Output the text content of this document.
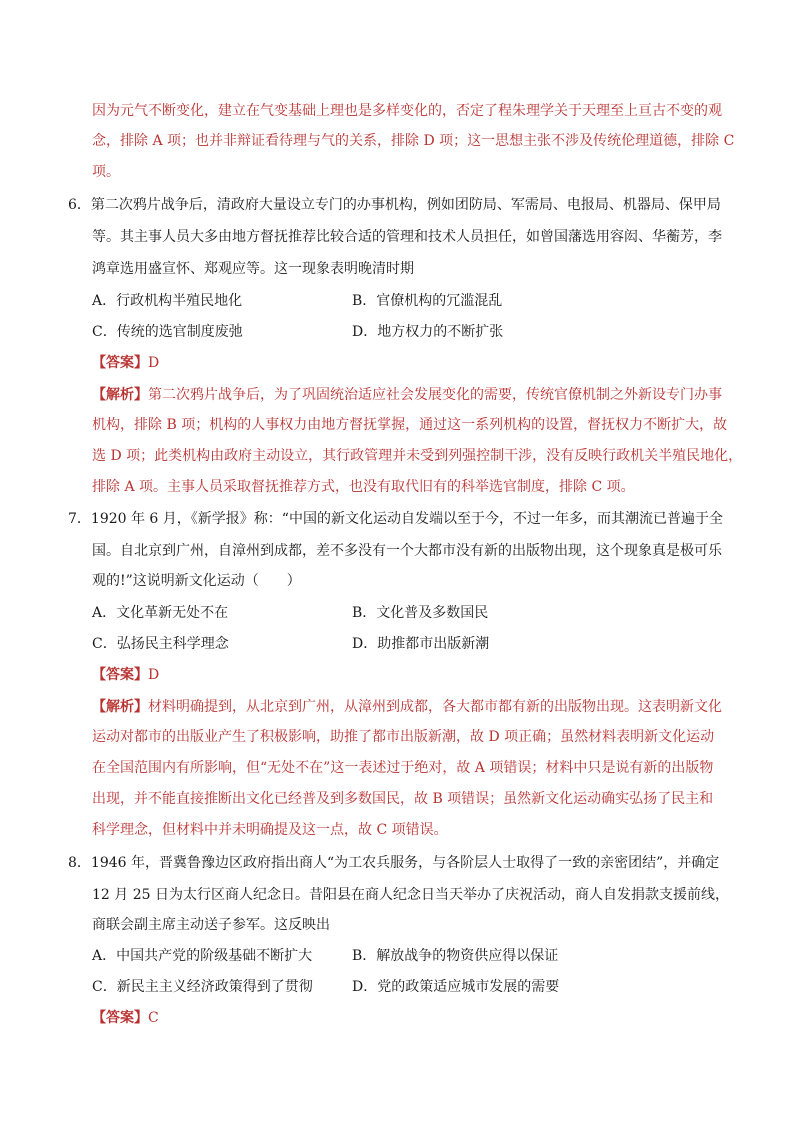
因为元气不断变化，建立在气变基础上理也是多样变化的，否定了程朱理学关于天理至上亘古不变的观
念，排除 A 项；也并非辩证看待理与气的关系，排除 D 项；这一思想主张不涉及传统伦理道德，排除 C
项。
6．第二次鸦片战争后，清政府大量设立专门的办事机构，例如团防局、军需局、电报局、机器局、保甲局
等。其主事人员大多由地方督抚推荐比较合适的管理和技术人员担任，如曾国藩选用容闳、华蘅芳，李
鸿章选用盛宣怀、郑观应等。这一现象表明晚清时期
A．行政机构半殖民地化	B．官僚机构的冗滥混乱
C．传统的选官制度废弛	D．地方权力的不断扩张
【答案】D
【解析】第二次鸦片战争后，为了巩固统治适应社会发展变化的需要，传统官僚机制之外新设专门办事
机构，排除 B 项；机构的人事权力由地方督抚掌握，通过这一系列机构的设置，督抚权力不断扩大，故
选 D 项；此类机构由政府主动设立，其行政管理并未受到列强控制干涉，没有反映行政机关半殖民地化，
排除 A 项。主事人员采取督抚推荐方式，也没有取代旧有的科举选官制度，排除 C 项。
7．1920 年 6 月，《新学报》称：“中国的新文化运动自发端以至于今，不过一年多，而其潮流已普遍于全
国。自北京到广州，自漳州到成都，差不多没有一个大都市没有新的出版物出现，这个现象真是极可乐
观的!”这说明新文化运动（　　）
A．文化革新无处不在	B．文化普及多数国民
C．弘扬民主科学理念	D．助推都市出版新潮
【答案】D
【解析】材料明确提到，从北京到广州，从漳州到成都，各大都市都有新的出版物出现。这表明新文化
运动对都市的出版业产生了积极影响，助推了都市出版新潮，故 D 项正确；虽然材料表明新文化运动
在全国范围内有所影响，但“无处不在”这一表述过于绝对，故 A 项错误；材料中只是说有新的出版物
出现，并不能直接推断出文化已经普及到多数国民，故 B 项错误；虽然新文化运动确实弘扬了民主和
科学理念，但材料中并未明确提及这一点，故 C 项错误。
8．1946 年，晋冀鲁豫边区政府指出商人“为工农兵服务，与各阶层人士取得了一致的亲密团结”，并确定
12 月 25 日为太行区商人纪念日。昔阳县在商人纪念日当天举办了庆祝活动，商人自发捐款支援前线，
商联会副主席主动送子参军。这反映出
A．中国共产党的阶级基础不断扩大	B．解放战争的物资供应得以保证
C．新民主主义经济政策得到了贯彻	D．党的政策适应城市发展的需要
【答案】C
